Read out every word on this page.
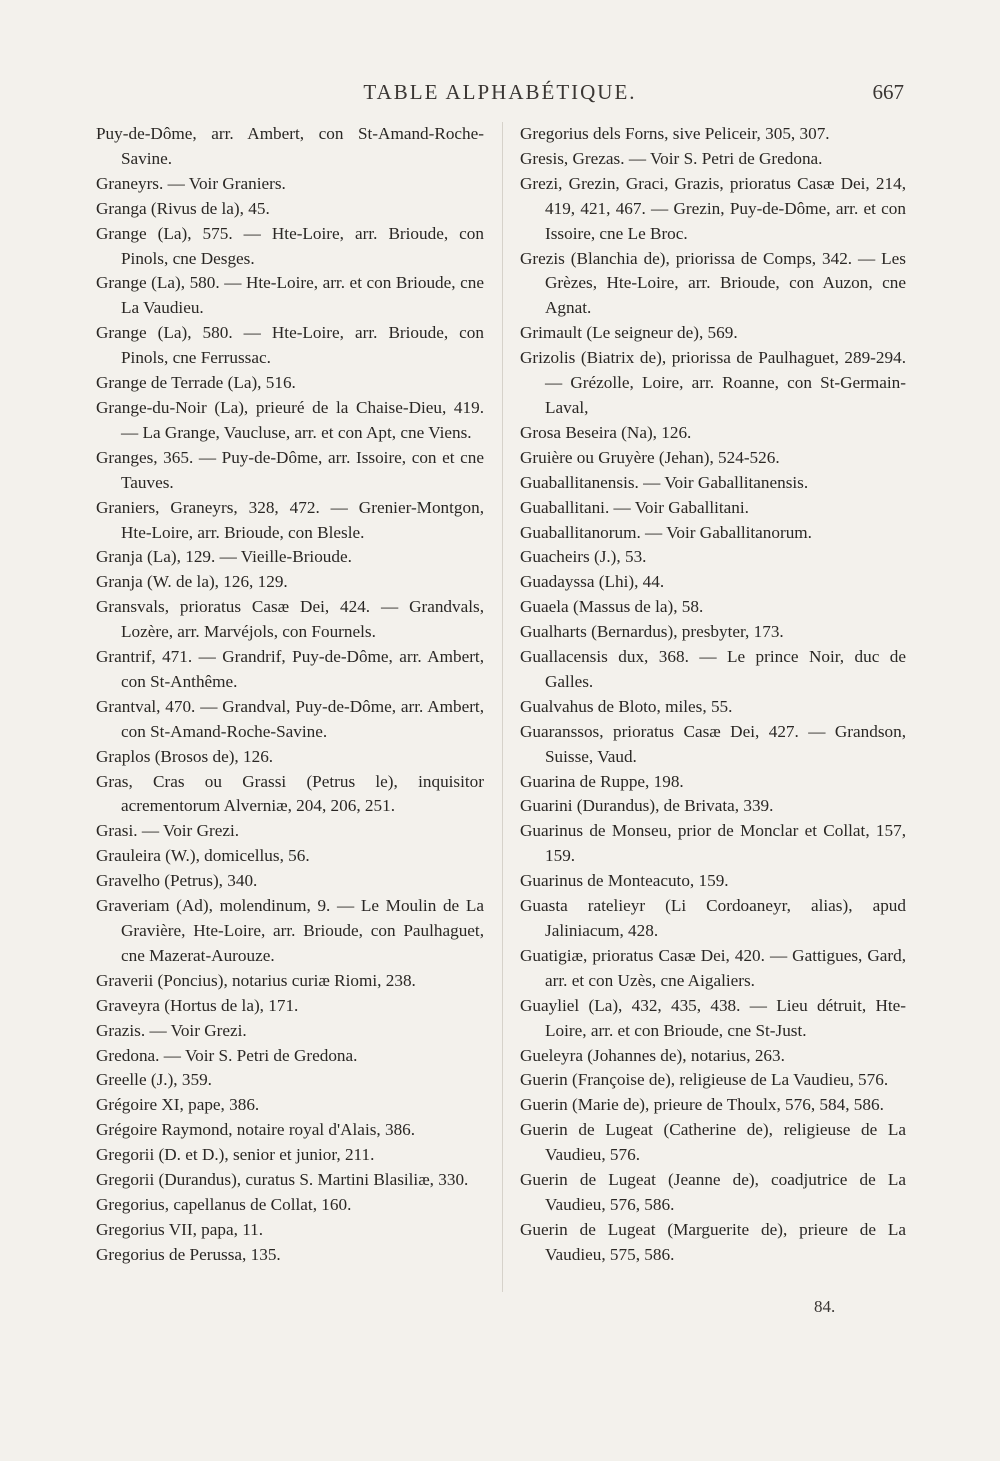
TABLE ALPHABÉTIQUE.	667

Puy-de-Dôme, arr. Ambert, con St-Amand-Roche-Savine.

Graneyrs. — Voir Graniers.

Granga (Rivus de la), 45.

Grange (La), 575. — Hte-Loire, arr. Brioude, con Pinols, cne Desges.

Grange (La), 580. — Hte-Loire, arr. et con Brioude, cne La Vaudieu.

Grange (La), 580. — Hte-Loire, arr. Brioude, con Pinols, cne Ferrussac.

Grange de Terrade (La), 516.

Grange-du-Noir (La), prieuré de la Chaise-Dieu, 419. — La Grange, Vaucluse, arr. et con Apt, cne Viens.

Granges, 365. — Puy-de-Dôme, arr. Issoire, con et cne Tauves.

Graniers, Graneyrs, 328, 472. — Grenier-Montgon, Hte-Loire, arr. Brioude, con Blesle.

Granja (La), 129. — Vieille-Brioude.

Granja (W. de la), 126, 129.

Gransvals, prioratus Casæ Dei, 424. — Grandvals, Lozère, arr. Marvéjols, con Fournels.

Grantrif, 471. — Grandrif, Puy-de-Dôme, arr. Ambert, con St-Anthême.

Grantval, 470. — Grandval, Puy-de-Dôme, arr. Ambert, con St-Amand-Roche-Savine.

Graplos (Brosos de), 126.

Gras, Cras ou Grassi (Petrus le), inquisitor acrementorum Alverniæ, 204, 206, 251.

Grasi. — Voir Grezi.

Grauleira (W.), domicellus, 56.

Gravelho (Petrus), 340.

Graveriam (Ad), molendinum, 9. — Le Moulin de La Gravière, Hte-Loire, arr. Brioude, con Paulhaguet, cne Mazerat-Aurouze.

Graverii (Poncius), notarius curiæ Riomi, 238.

Graveyra (Hortus de la), 171.

Grazis. — Voir Grezi.

Gredona. — Voir S. Petri de Gredona.

Greelle (J.), 359.

Grégoire XI, pape, 386.

Grégoire Raymond, notaire royal d'Alais, 386.

Gregorii (D. et D.), senior et junior, 211.

Gregorii (Durandus), curatus S. Martini Blasiliæ, 330.

Gregorius, capellanus de Collat, 160.

Gregorius VII, papa, 11.

Gregorius de Perussa, 135.

Gregorius dels Forns, sive Peliceir, 305, 307.

Gresis, Grezas. — Voir S. Petri de Gredona.

Grezi, Grezin, Graci, Grazis, prioratus Casæ Dei, 214, 419, 421, 467. — Grezin, Puy-de-Dôme, arr. et con Issoire, cne Le Broc.

Grezis (Blanchia de), priorissa de Comps, 342. — Les Grèzes, Hte-Loire, arr. Brioude, con Auzon, cne Agnat.

Grimault (Le seigneur de), 569.

Grizolis (Biatrix de), priorissa de Paulhaguet, 289-294. — Grézolle, Loire, arr. Roanne, con St-Germain-Laval,

Grosa Beseira (Na), 126.

Gruière ou Gruyère (Jehan), 524-526.

Guaballitanensis. — Voir Gaballitanensis.

Guaballitani. — Voir Gaballitani.

Guaballitanorum. — Voir Gaballitanorum.

Guacheirs (J.), 53.

Guadayssa (Lhi), 44.

Guaela (Massus de la), 58.

Gualharts (Bernardus), presbyter, 173.

Guallacensis dux, 368. — Le prince Noir, duc de Galles.

Gualvahus de Bloto, miles, 55.

Guaranssos, prioratus Casæ Dei, 427. — Grandson, Suisse, Vaud.

Guarina de Ruppe, 198.

Guarini (Durandus), de Brivata, 339.

Guarinus de Monseu, prior de Monclar et Collat, 157, 159.

Guarinus de Monteacuto, 159.

Guasta ratelieyr (Li Cordoaneyr, alias), apud Jaliniacum, 428.

Guatigiæ, prioratus Casæ Dei, 420. — Gattigues, Gard, arr. et con Uzès, cne Aigaliers.

Guayliel (La), 432, 435, 438. — Lieu détruit, Hte-Loire, arr. et con Brioude, cne St-Just.

Gueleyra (Johannes de), notarius, 263.

Guerin (Françoise de), religieuse de La Vaudieu, 576.

Guerin (Marie de), prieure de Thoulx, 576, 584, 586.

Guerin de Lugeat (Catherine de), religieuse de La Vaudieu, 576.

Guerin de Lugeat (Jeanne de), coadjutrice de La Vaudieu, 576, 586.

Guerin de Lugeat (Marguerite de), prieure de La Vaudieu, 575, 586.

84.
